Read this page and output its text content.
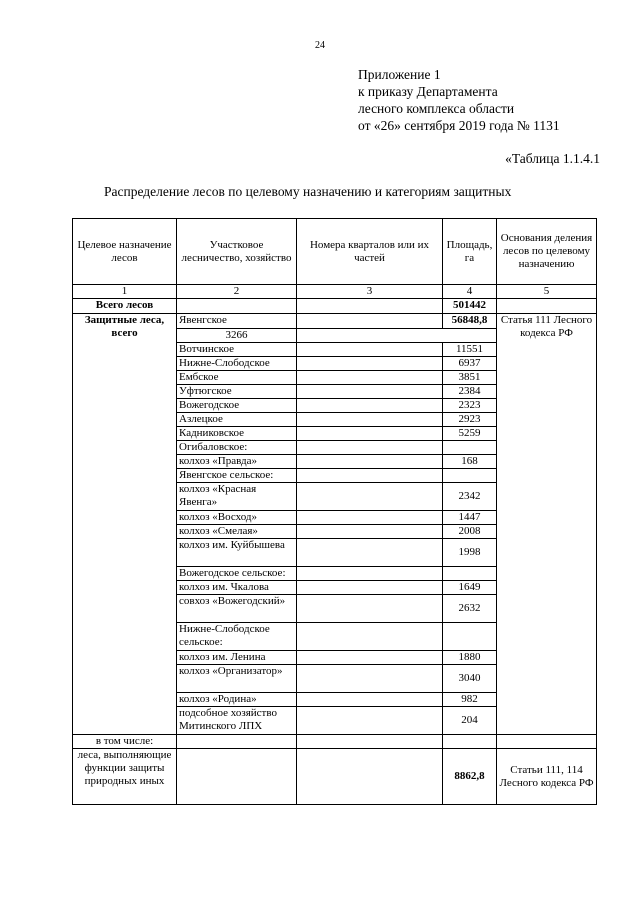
24
Приложение 1
к приказу Департамента
лесного комплекса области
от «26» сентября 2019 года № 1131
«Таблица 1.1.4.1
Распределение лесов по целевому назначению и категориям защитных
Целевое назначение лесов	Участковое лесничество, хозяйство	Номера кварталов или их частей	Площадь, га	Основания деления лесов по целевому назначению
1	2	3	4	5
Всего лесов			501442	
Защитные леса, всего	Явенгское		56848,8	Статья 111 Лесного кодекса РФ
	3266			
	Вотчинское		11551	
	Нижне-Слободское		6937	
	Ембское		3851	
	Уфтюгское		2384	
	Вожегодское		2323	
	Азлецкое		2923	
	Кадниковское		5259	
	Огибаловское:			
	колхоз «Правда»		168	
	Явенгское сельское:			
	колхоз «Красная Явенга»		2342	
	колхоз «Восход»		1447	
	колхоз «Смелая»		2008	
	колхоз им. Куйбышева		1998	
	Вожегодское сельское:			
	колхоз им. Чкалова		1649	
	совхоз «Вожегодский»		2632	
	Нижне-Слободское сельское:			
	колхоз им. Ленина		1880	
	колхоз «Организатор»		3040	
	колхоз «Родина»		982	
	подсобное хозяйство Митинского ЛПХ		204	
в том числе:				
леса, выполняющие функции защиты природных иных			8862,8	Статьи 111, 114 Лесного кодекса РФ
